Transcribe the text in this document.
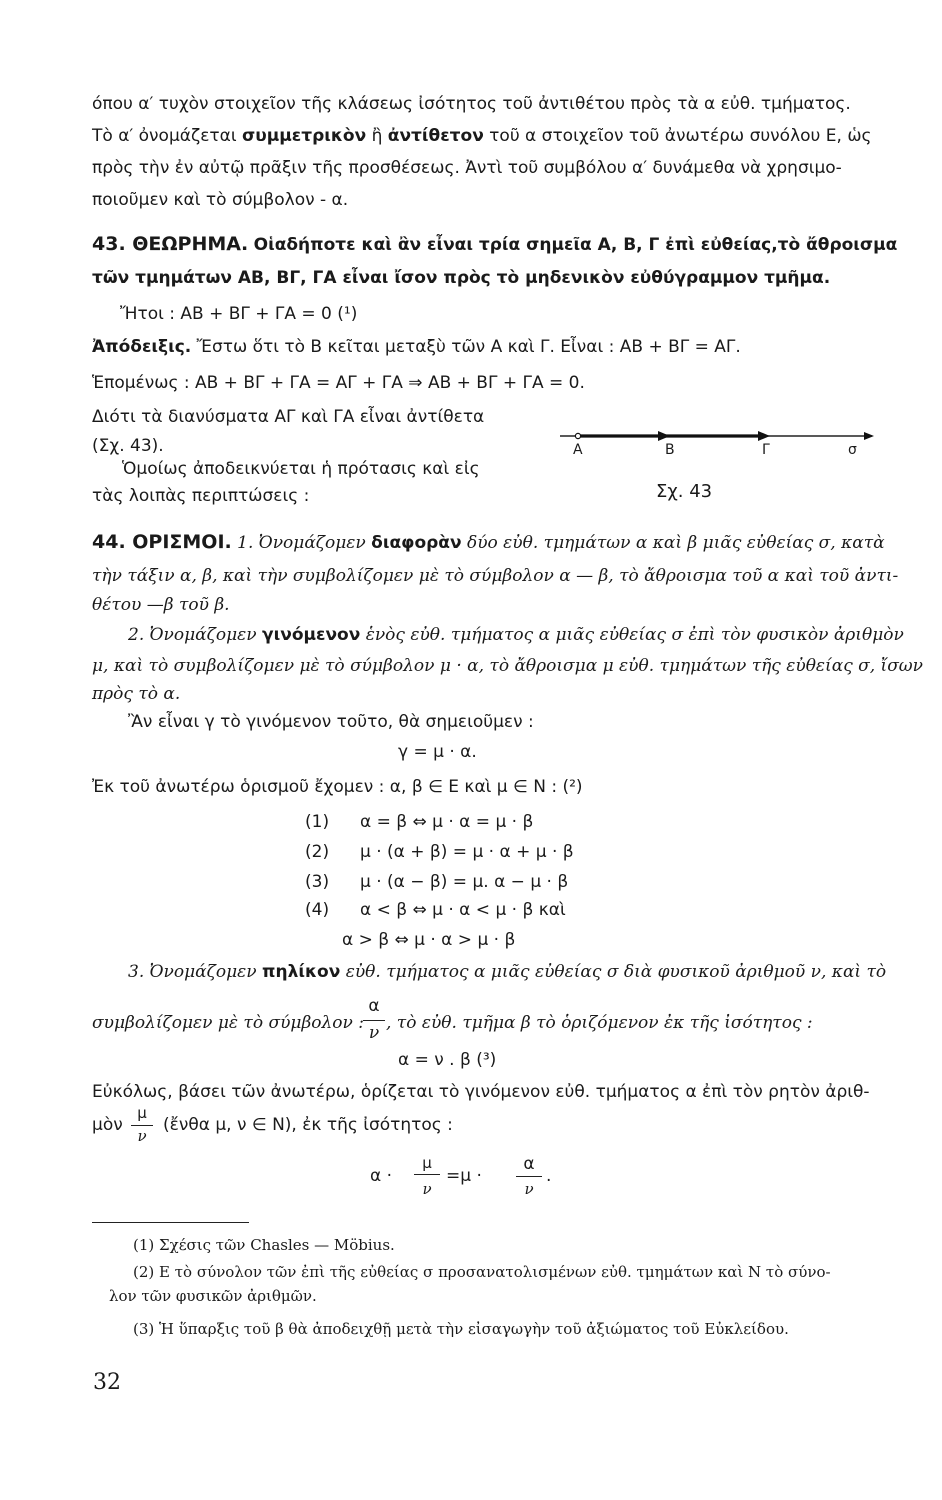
όπου α′ τυχὸν στοιχεῖον τῆς κλάσεως ἰσότητος τοῦ ἀντιθέτου πρὸς τὰ α εὐθ. τμήματος.
Τὸ α′ ὀνομάζεται συμμετρικὸν ἢ ἀντίθετον τοῦ α στοιχεῖον τοῦ ἀνωτέρω συνόλου Ε, ὡς
πρὸς τὴν ἐν αὐτῷ πρᾶξιν τῆς προσθέσεως. Ἀντὶ τοῦ συμβόλου α′ δυνάμεθα νὰ χρησιμο-
ποιοῦμεν καὶ τὸ σύμβολον - α.
43. ΘΕΩΡΗΜΑ. Οἱαδήποτε καὶ ἂν εἶναι τρία σημεῖα Α, Β, Γ ἐπὶ εὐθείας,τὸ ἄθροισμα
τῶν τμημάτων ΑΒ, ΒΓ, ΓΑ εἶναι ἴσον πρὸς τὸ μηδενικὸν εὐθύγραμμον τμῆμα.
Ἤτοι : ΑΒ + ΒΓ + ΓΑ = 0 (¹)
Ἀπόδειξις. Ἔστω ὅτι τὸ Β κεῖται μεταξὺ τῶν Α καὶ Γ. Εἶναι : ΑΒ + ΒΓ = ΑΓ.
Ἑπομένως : ΑΒ + ΒΓ + ΓΑ = ΑΓ + ΓΑ ⇒ ΑΒ + ΒΓ + ΓΑ = 0.
Διότι τὰ διανύσματα ΑΓ καὶ ΓΑ εἶναι ἀντίθετα
(Σχ. 43).
Ὁμοίως ἀποδεικνύεται ἡ πρότασις καὶ εἰς
τὰς λοιπὰς περιπτώσεις :
Α	Β	Γ	σ
Σχ. 43
44. ΟΡΙΣΜΟΙ. 1. Ὀνομάζομεν διαφορὰν δύο εὐθ. τμημάτων α καὶ β μιᾶς εὐθείας σ, κατὰ
τὴν τάξιν α, β, καὶ τὴν συμβολίζομεν μὲ τὸ σύμβολον α — β, τὸ ἄθροισμα τοῦ α καὶ τοῦ ἀντι-
θέτου —β τοῦ β.
2. Ὀνομάζομεν γινόμενον ἑνὸς εὐθ. τμήματος α μιᾶς εὐθείας σ ἐπὶ τὸν φυσικὸν ἀριθμὸν
μ, καὶ τὸ συμβολίζομεν μὲ τὸ σύμβολον μ · α, τὸ ἄθροισμα μ εὐθ. τμημάτων τῆς εὐθείας σ, ἴσων
πρὸς τὸ α.
Ἂν εἶναι γ τὸ γινόμενον τοῦτο, θὰ σημειοῦμεν :
γ = μ · α.
Ἐκ τοῦ ἀνωτέρω ὁρισμοῦ ἔχομεν : α, β ∈ Ε καὶ μ ∈ Ν : (²)
(1) α = β ⇔ μ · α = μ · β
(2) μ · (α + β) = μ · α + μ · β
(3) μ · (α − β) = μ. α − μ · β
(4) α < β ⇔ μ · α < μ · β καὶ
α > β ⇔ μ · α > μ · β
3. Ὀνομάζομεν πηλίκον εὐθ. τμήματος α μιᾶς εὐθείας σ διὰ φυσικοῦ ἀριθμοῦ ν, καὶ τὸ
συμβολίζομεν μὲ τὸ σύμβολον :
α
ν , τὸ εὐθ. τμῆμα β τὸ ὁριζόμενον ἐκ τῆς ἰσότητος :
α = ν . β (³)
Εὐκόλως, βάσει τῶν ἀνωτέρω, ὁρίζεται τὸ γινόμενον εὐθ. τμήματος α ἐπὶ τὸν ρητὸν ἀριθ-
μὸν
μ
ν
(ἔνθα μ, ν ∈ Ν), ἐκ τῆς ἰσότητος :
α ·
μ
ν
=μ ·
α
ν
.
(1) Σχέσις τῶν Chasles — Möbius.
(2) Ε τὸ σύνολον τῶν ἐπὶ τῆς εὐθείας σ προσανατολισμένων εὐθ. τμημάτων καὶ Ν τὸ σύνο-
λον τῶν φυσικῶν ἀριθμῶν.
(3) Ἡ ὕπαρξις τοῦ β θὰ ἀποδειχθῇ μετὰ τὴν εἰσαγωγὴν τοῦ ἀξιώματος τοῦ Εὐκλείδου.
32
